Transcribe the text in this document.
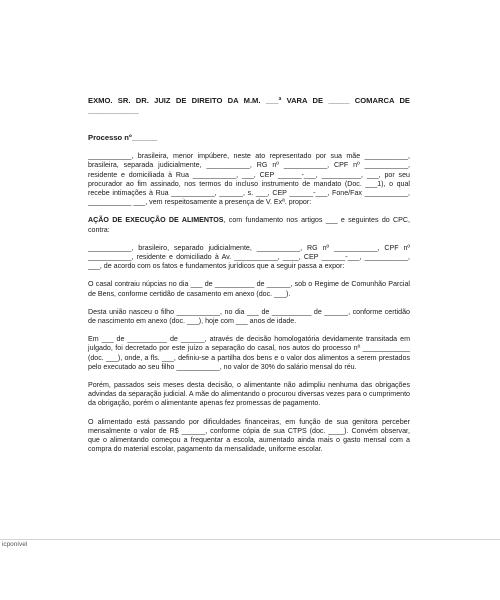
EXMO. SR. DR. JUIZ DE DIREITO DA M.M. ___ª VARA DE _____ COMARCA DE ____________
Processo nº______
___________, brasileira, menor impúbere, neste ato representado por sua mãe ___________, brasileira, separada judicialmente, ___________, RG nº ___________, CPF nº ___________, residente e domiciliada à Rua ___________, ___, CEP ______-___, __________, ___, por seu procurador ao fim assinado, nos termos do incluso instrumento de mandato (Doc. ___1), o qual recebe intimações à Rua ___________, ______, s. ___, CEP ______-___, Fone/Fax ___________, ___________ ___, vem respeitosamente a presença de V. Exª. propor:
AÇÃO DE EXECUÇÃO DE ALIMENTOS, com fundamento nos artigos ___ e seguintes do CPC, contra:
___________, brasileiro, separado judicialmente, ___________, RG nº ___________, CPF nº ___________, residente e domiciliado à Av. ___________, ____, CEP ______-___, ___________, ___, de acordo com os fatos e fundamentos jurídicos que a seguir passa a expor:
O casal contraiu núpcias no dia ___ de __________ de ______, sob o Regime de Comunhão Parcial de Bens, conforme certidão de casamento em anexo (doc. ___).
Desta união nasceu o filho ___________, no dia ___ de __________ de ______, conforme certidão de nascimento em anexo (doc. ___), hoje com ___ anos de idade.
Em ___ de __________ de ______, através de decisão homologatória devidamente transitada em julgado, foi decretado por este juízo a separação do casal, nos autos do processo nº ____________ (doc. ___), onde, a fls. ___, definiu-se a partilha dos bens e o valor dos alimentos a serem prestados pelo executado ao seu filho ___________, no valor de 30% do salário mensal do réu.
Porém, passados seis meses desta decisão, o alimentante não adimpliu nenhuma das obrigações advindas da separação judicial. A mãe do alimentando o procurou diversas vezes para o cumprimento da obrigação, porém o alimentante apenas fez promessas de pagamento.
O alimentado está passando por dificuldades financeiras, em função de sua genitora perceber mensalmente o valor de R$ ______, conforme cópia de sua CTPS (doc. ____). Convém observar, que o alimentando começou a frequentar a escola, aumentado ainda mais o gasto mensal com a compra do material escolar, pagamento da mensalidade, uniforme escolar.
icponível
